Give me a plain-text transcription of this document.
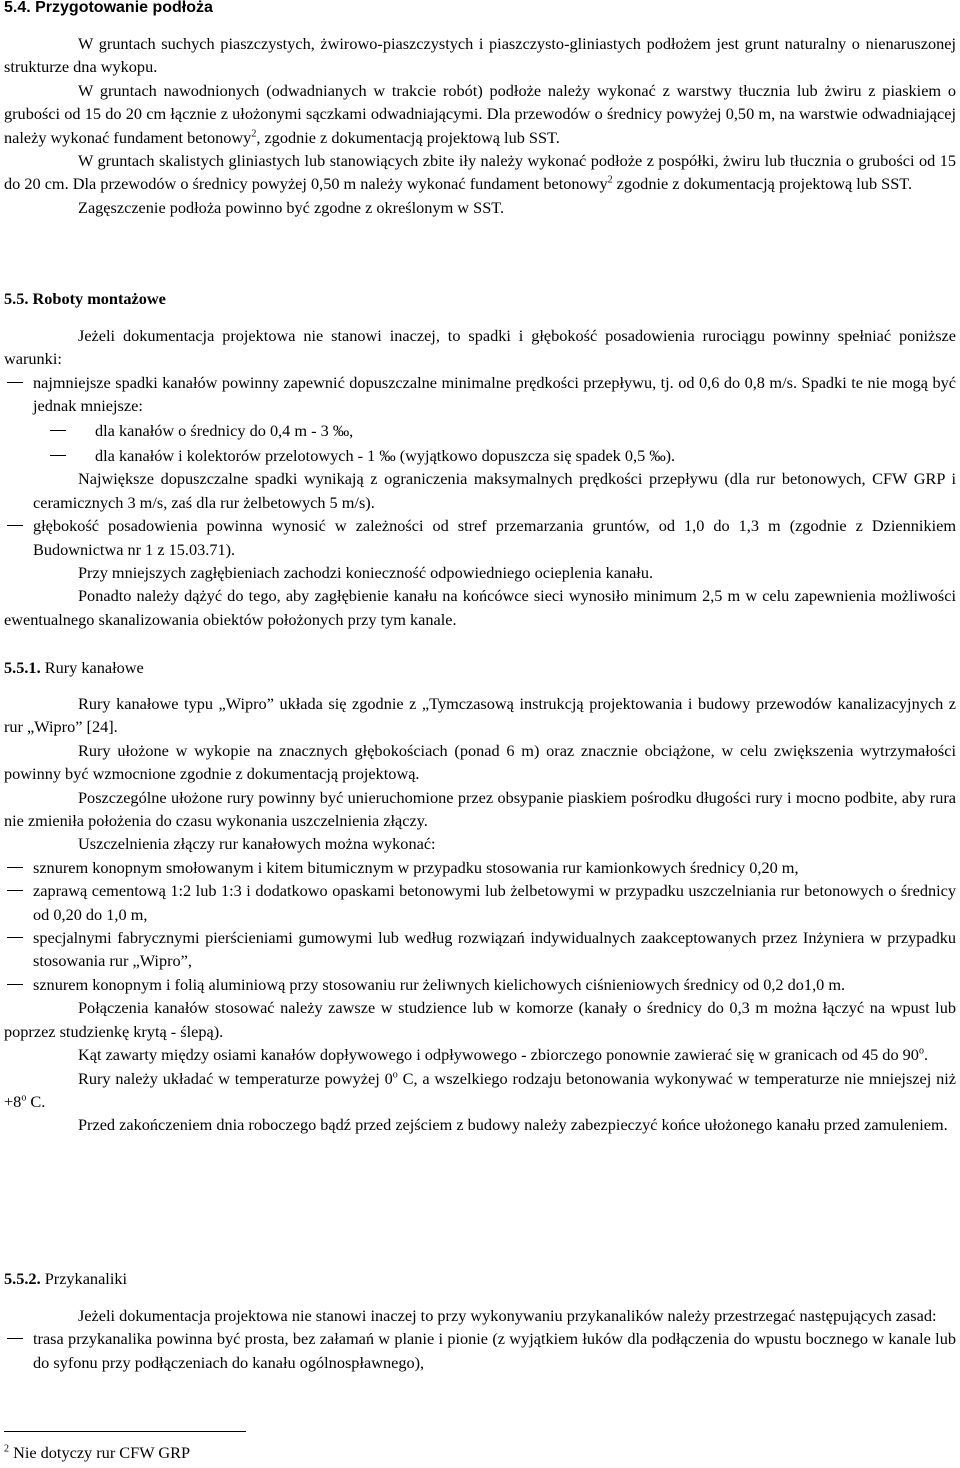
5.4. Przygotowanie podłoża

W gruntach suchych piaszczystych, żwirowo-piaszczystych i piaszczysto-gliniastych podłożem jest grunt naturalny o nienaruszonej strukturze dna wykopu.

W gruntach nawodnionych (odwadnianych w trakcie robót) podłoże należy wykonać z warstwy tłucznia lub żwiru z piaskiem o grubości od 15 do 20 cm łącznie z ułożonymi sączkami odwadniającymi. Dla przewodów o średnicy powyżej 0,50 m, na warstwie odwadniającej należy wykonać fundament betonowy$^2$, zgodnie z dokumentacją projektową lub SST.

W gruntach skalistych gliniastych lub stanowiących zbite iły należy wykonać podłoże z pospółki, żwiru lub tłucznia o grubości od 15 do 20 cm. Dla przewodów o średnicy powyżej 0,50 m należy wykonać fundament betonowy$^2$ zgodnie z dokumentacją projektową lub SST.

Zagęszczenie podłoża powinno być zgodne z określonym w SST.

5.5. Roboty montażowe

Jeżeli dokumentacja projektowa nie stanowi inaczej, to spadki i głębokość posadowienia rurociągu powinny spełniać poniższe warunki:

najmniejsze spadki kanałów powinny zapewnić dopuszczalne minimalne prędkości przepływu, tj. od 0,6 do 0,8 m/s. Spadki te nie mogą być jednak mniejsze:
dla kanałów o średnicy do 0,4 m - 3 ‰,
dla kanałów i kolektorów przelotowych - 1 ‰ (wyjątkowo dopuszcza się spadek 0,5 ‰).

Największe dopuszczalne spadki wynikają z ograniczenia maksymalnych prędkości przepływu (dla rur betonowych, CFW GRP i ceramicznych 3 m/s, zaś dla rur żelbetowych 5 m/s).

głębokość posadowienia powinna wynosić w zależności od stref przemarzania gruntów, od 1,0 do 1,3 m (zgodnie z Dziennikiem Budownictwa nr 1 z 15.03.71).

Przy mniejszych zagłębieniach zachodzi konieczność odpowiedniego ocieplenia kanału.

Ponadto należy dążyć do tego, aby zagłębienie kanału na końcówce sieci wynosiło minimum 2,5 m w celu zapewnienia możliwości ewentualnego skanalizowania obiektów położonych przy tym kanale.

5.5.1. Rury kanałowe

Rury kanałowe typu „Wipro” układa się zgodnie z „Tymczasową instrukcją projektowania i budowy przewodów kanalizacyjnych z rur „Wipro” [24].

Rury ułożone w wykopie na znacznych głębokościach (ponad 6 m) oraz znacznie obciążone, w celu zwiększenia wytrzymałości powinny być wzmocnione zgodnie z dokumentacją projektową.

Poszczególne ułożone rury powinny być unieruchomione przez obsypanie piaskiem pośrodku długości rury i mocno podbite, aby rura nie zmieniła położenia do czasu wykonania uszczelnienia złączy.

Uszczelnienia złączy rur kanałowych można wykonać:

sznurem konopnym smołowanym i kitem bitumicznym w przypadku stosowania rur kamionkowych średnicy 0,20 m,
zaprawą cementową 1:2 lub 1:3 i dodatkowo opaskami betonowymi lub żelbetowymi w przypadku uszczelniania rur betonowych o średnicy od 0,20 do 1,0 m,
specjalnymi fabrycznymi pierścieniami gumowymi lub według rozwiązań indywidualnych zaakceptowanych przez Inżyniera w przypadku stosowania rur „Wipro”,
sznurem konopnym i folią aluminiową przy stosowaniu rur żeliwnych kielichowych ciśnieniowych średnicy od 0,2 do1,0 m.

Połączenia kanałów stosować należy zawsze w studzience lub w komorze (kanały o średnicy do 0,3 m można łączyć na wpust lub poprzez studzienkę krytą - ślepą).

Kąt zawarty między osiami kanałów dopływowego i odpływowego - zbiorczego ponownie zawierać się w granicach od 45 do 90$^o$.

Rury należy układać w temperaturze powyżej 0$^o$ C, a wszelkiego rodzaju betonowania wykonywać w temperaturze nie mniejszej niż $+8^o$ C.

Przed zakończeniem dnia roboczego bądź przed zejściem z budowy należy zabezpieczyć końce ułożonego kanału przed zamuleniem.

5.5.2. Przykanaliki

Jeżeli dokumentacja projektowa nie stanowi inaczej to przy wykonywaniu przykanalików należy przestrzegać następujących zasad:

trasa przykanalika powinna być prosta, bez załamań w planie i pionie (z wyjątkiem łuków dla podłączenia do wpustu bocznego w kanale lub do syfonu przy podłączeniach do kanału ogólnospławnego),
$^2$ Nie dotyczy rur CFW GRP
